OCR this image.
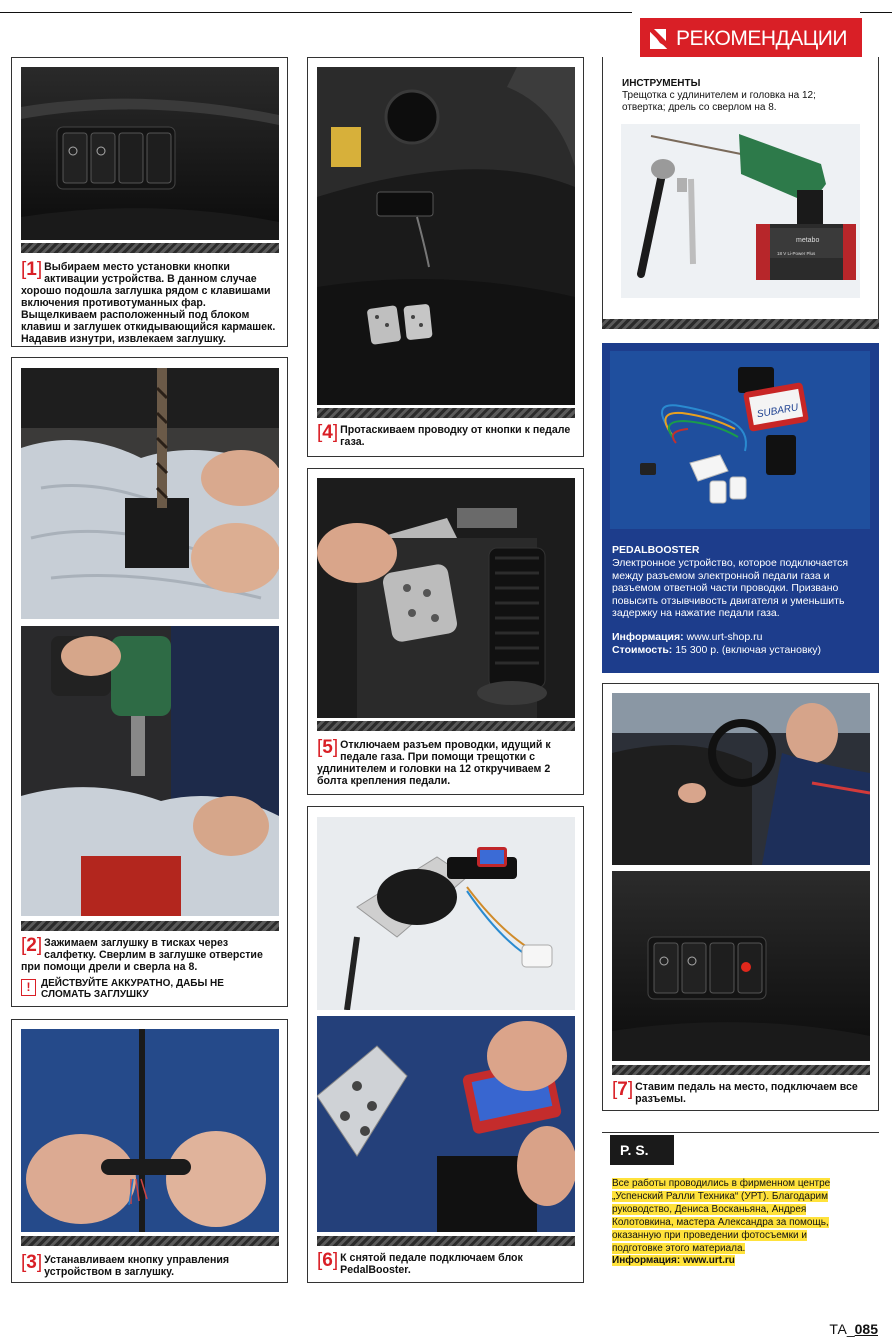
РЕКОМЕНДАЦИИ
[1] Выбираем место установки кнопки активации устройства. В данном случае хорошо подошла заглушка рядом с клавишами включения противотуманных фар. Выщелкиваем расположенный под блоком клавиш и заглушек откидывающийся кармашек. Надавив изнутри, извлекаем заглушку.
[2] Зажимаем заглушку в тисках через салфетку. Сверлим в заглушке отверстие при помощи дрели и сверла на 8.
!	ДЕЙСТВУЙТЕ АККУРАТНО, ДАБЫ НЕ СЛОМАТЬ ЗАГЛУШКУ
[3] Устанавливаем кнопку управления устройством в заглушку.
[4] Протаскиваем проводку от кнопки к педале газа.
[5] Отключаем разъем проводки, идущий к педале газа. При помощи трещотки с удлинителем и головки на 12 откручиваем 2 болта крепления педали.
[6] К снятой педале подключаем блок PedalBooster.
ИНСТРУМЕНТЫ
Трещотка с удлинителем и головка на 12; отвертка; дрель со сверлом на 8.
metabo
18 V Li-Power Plus
SUBARU
PEDALBOOSTER
Электронное устройство, которое подключается между разъемом электронной педали газа и разъемом ответной части проводки. Призвано повысить отзывчивость двигателя и уменьшить задержку на нажатие педали газа.
Информация: www.urt-shop.ru
Стоимость: 15 300 р. (включая установку)
[7] Ставим педаль на место, подключаем все разъемы.
P. S.
Все работы проводились в фирменном центре „Успенский Ралли Техника“ (УРТ). Благодарим руководство, Дениса Восканьяна, Андрея Колотовкина, мастера Александра за помощь, оказанную при проведении фотосъемки и подготовке этого материала.
Информация: www.urt.ru
ТА_085
